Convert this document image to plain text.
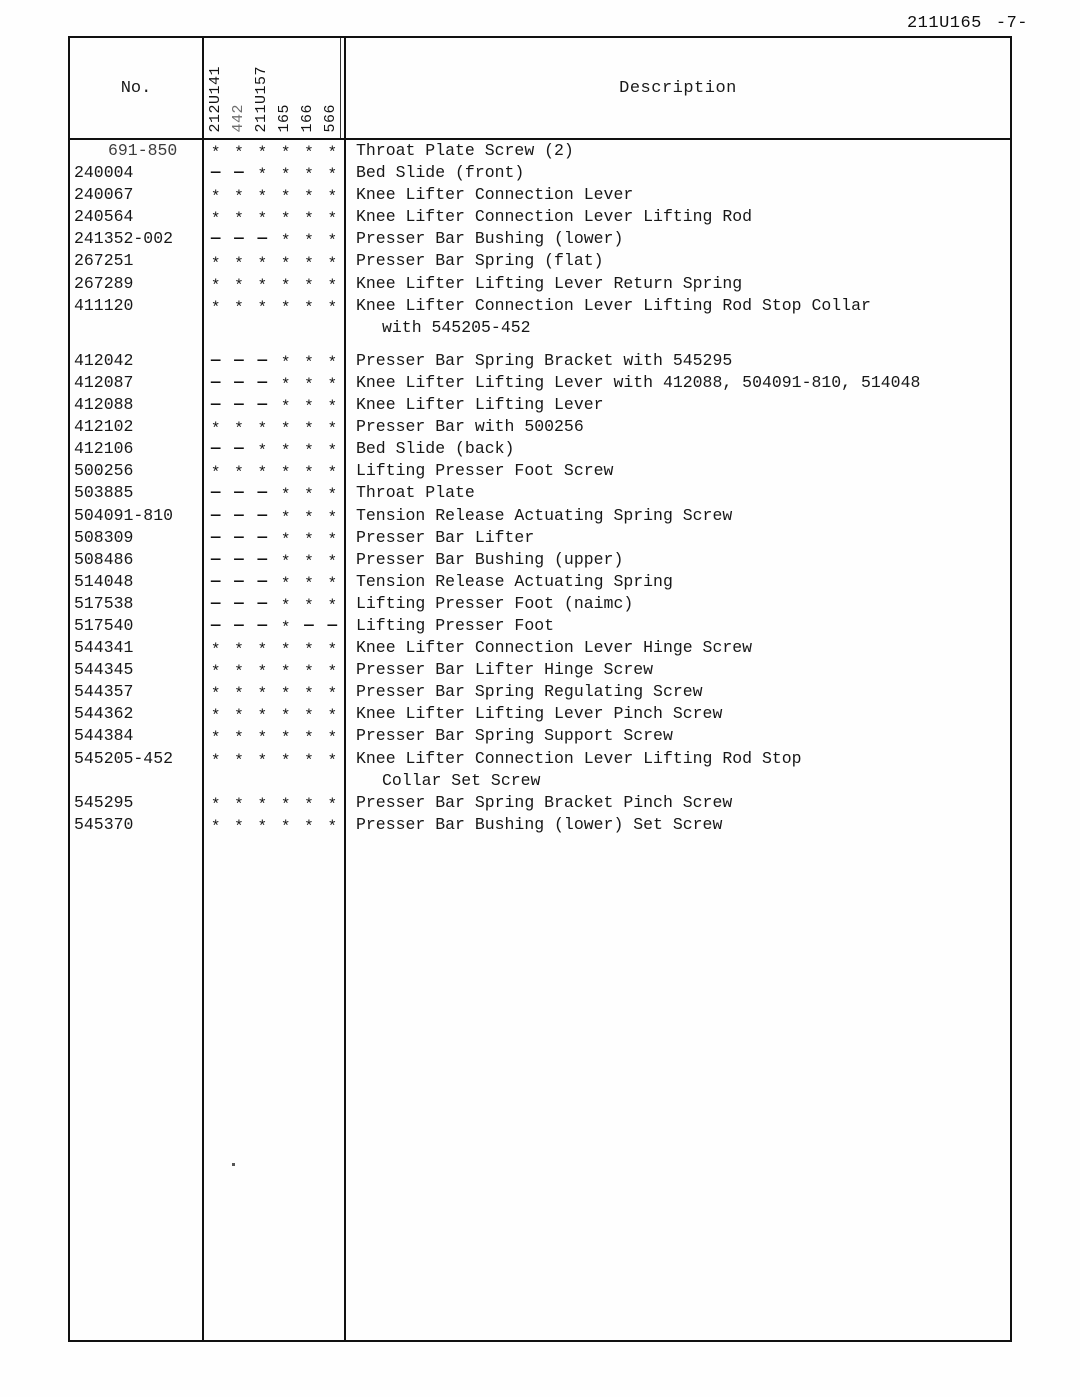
211U165 -7-
No.	212U141 442 211U157 165 166 566
Description
691-850	* * * * * * Throat Plate Screw (2)
240004	— — * * * * Bed Slide (front)
240067	* * * * * * Knee Lifter Connection Lever
240564	* * * * * * Knee Lifter Connection Lever Lifting Rod
241352-002	— — — * * * Presser Bar Bushing (lower)
267251	* * * * * * Presser Bar Spring (flat)
267289	* * * * * * Knee Lifter Lifting Lever Return Spring
411120	* * * * * * Knee Lifter Connection Lever Lifting Rod Stop Collar
with 545205-452
412042	— — — * * * Presser Bar Spring Bracket with 545295
412087	— — — * * * Knee Lifter Lifting Lever with 412088, 504091-810, 514048
412088	— — — * * * Knee Lifter Lifting Lever
412102	* * * * * * Presser Bar with 500256
412106	— — * * * * Bed Slide (back)
500256	* * * * * * Lifting Presser Foot Screw
503885	— — — * * * Throat Plate
504091-810	— — — * * * Tension Release Actuating Spring Screw
508309	— — — * * * Presser Bar Lifter
508486	— — — * * * Presser Bar Bushing (upper)
514048	— — — * * * Tension Release Actuating Spring
517538	— — — * * * Lifting Presser Foot (naimc)
517540	— — — * — — Lifting Presser Foot
544341	* * * * * * Knee Lifter Connection Lever Hinge Screw
544345	* * * * * * Presser Bar Lifter Hinge Screw
544357	* * * * * * Presser Bar Spring Regulating Screw
544362	* * * * * * Knee Lifter Lifting Lever Pinch Screw
544384	* * * * * * Presser Bar Spring Support Screw
545205-452	* * * * * * Knee Lifter Connection Lever Lifting Rod Stop
Collar Set Screw
545295	* * * * * * Presser Bar Spring Bracket Pinch Screw
545370	* * * * * * Presser Bar Bushing (lower) Set Screw
